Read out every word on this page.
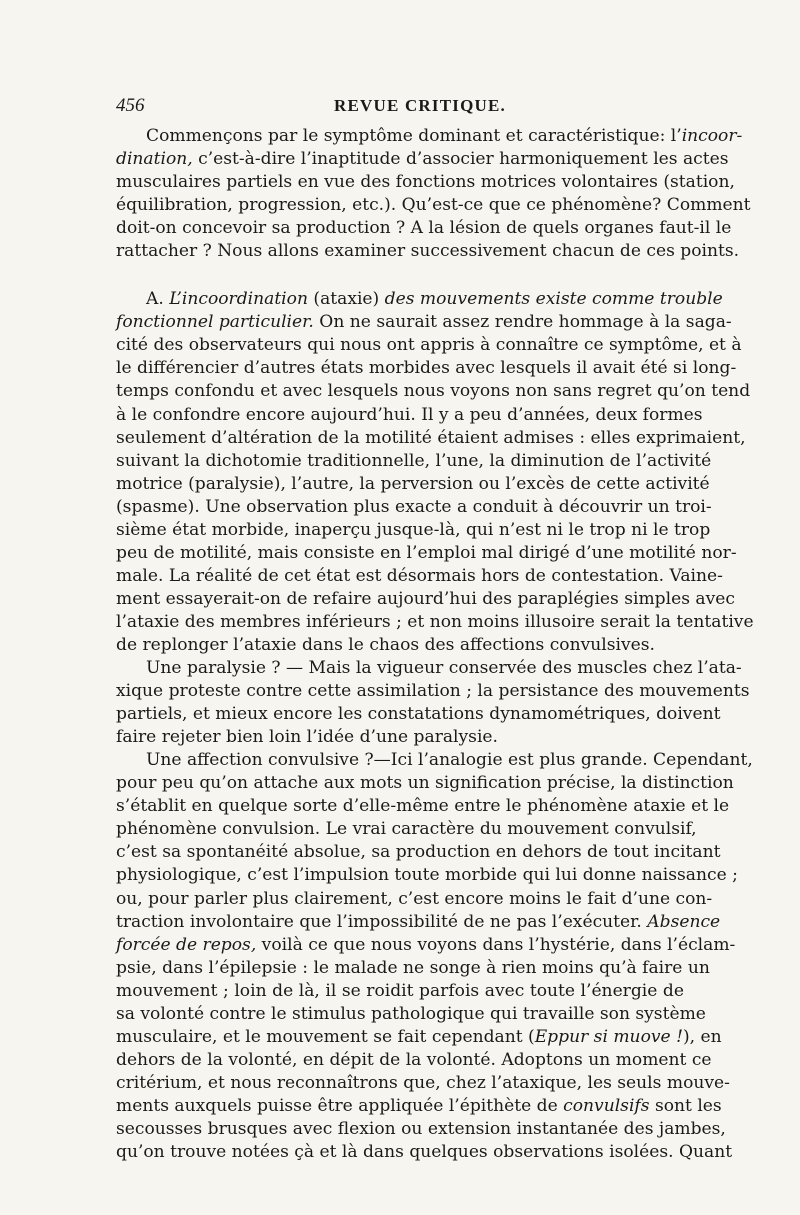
456	REVUE CRITIQUE.
Commençons par le symptôme dominant et caractéristique: l’incoor-
dination, c’est-à-dire l’inaptitude d’associer harmoniquement les actes
musculaires partiels en vue des fonctions motrices volontaires (station,
équilibration, progression, etc.). Qu’est-ce que ce phénomène? Comment
doit-on concevoir sa production ? A la lésion de quels organes faut-il le
rattacher ? Nous allons examiner successivement chacun de ces points.
A. L’incoordination (ataxie) des mouvements existe comme trouble
fonctionnel particulier. On ne saurait assez rendre hommage à la saga-
cité des observateurs qui nous ont appris à connaître ce symptôme, et à
le différencier d’autres états morbides avec lesquels il avait été si long-
temps confondu et avec lesquels nous voyons non sans regret qu’on tend
à le confondre encore aujourd’hui. Il y a peu d’années, deux formes
seulement d’altération de la motilité étaient admises : elles exprimaient,
suivant la dichotomie traditionnelle, l’une, la diminution de l’activité
motrice (paralysie), l’autre, la perversion ou l’excès de cette activité
(spasme). Une observation plus exacte a conduit à découvrir un troi-
sième état morbide, inaperçu jusque-là, qui n’est ni le trop ni le trop
peu de motilité, mais consiste en l’emploi mal dirigé d’une motilité nor-
male. La réalité de cet état est désormais hors de contestation. Vaine-
ment essayerait-on de refaire aujourd’hui des paraplégies simples avec
l’ataxie des membres inférieurs ; et non moins illusoire serait la tentative
de replonger l’ataxie dans le chaos des affections convulsives.
Une paralysie ? — Mais la vigueur conservée des muscles chez l’ata-
xique proteste contre cette assimilation ; la persistance des mouvements
partiels, et mieux encore les constatations dynamométriques, doivent
faire rejeter bien loin l’idée d’une paralysie.
Une affection convulsive ?—Ici l’analogie est plus grande. Cependant,
pour peu qu’on attache aux mots un signification précise, la distinction
s’établit en quelque sorte d’elle-même entre le phénomène ataxie et le
phénomène convulsion. Le vrai caractère du mouvement convulsif,
c’est sa spontanéité absolue, sa production en dehors de tout incitant
physiologique, c’est l’impulsion toute morbide qui lui donne naissance ;
ou, pour parler plus clairement, c’est encore moins le fait d’une con-
traction involontaire que l’impossibilité de ne pas l’exécuter. Absence
forcée de repos, voilà ce que nous voyons dans l’hystérie, dans l’éclam-
psie, dans l’épilepsie : le malade ne songe à rien moins qu’à faire un
mouvement ; loin de là, il se roidit parfois avec toute l’énergie de
sa volonté contre le stimulus pathologique qui travaille son système
musculaire, et le mouvement se fait cependant (Eppur si muove !), en
dehors de la volonté, en dépit de la volonté. Adoptons un moment ce
critérium, et nous reconnaîtrons que, chez l’ataxique, les seuls mouve-
ments auxquels puisse être appliquée l’épithète de convulsifs sont les
secousses brusques avec flexion ou extension instantanée des jambes,
qu’on trouve notées çà et là dans quelques observations isolées. Quant
